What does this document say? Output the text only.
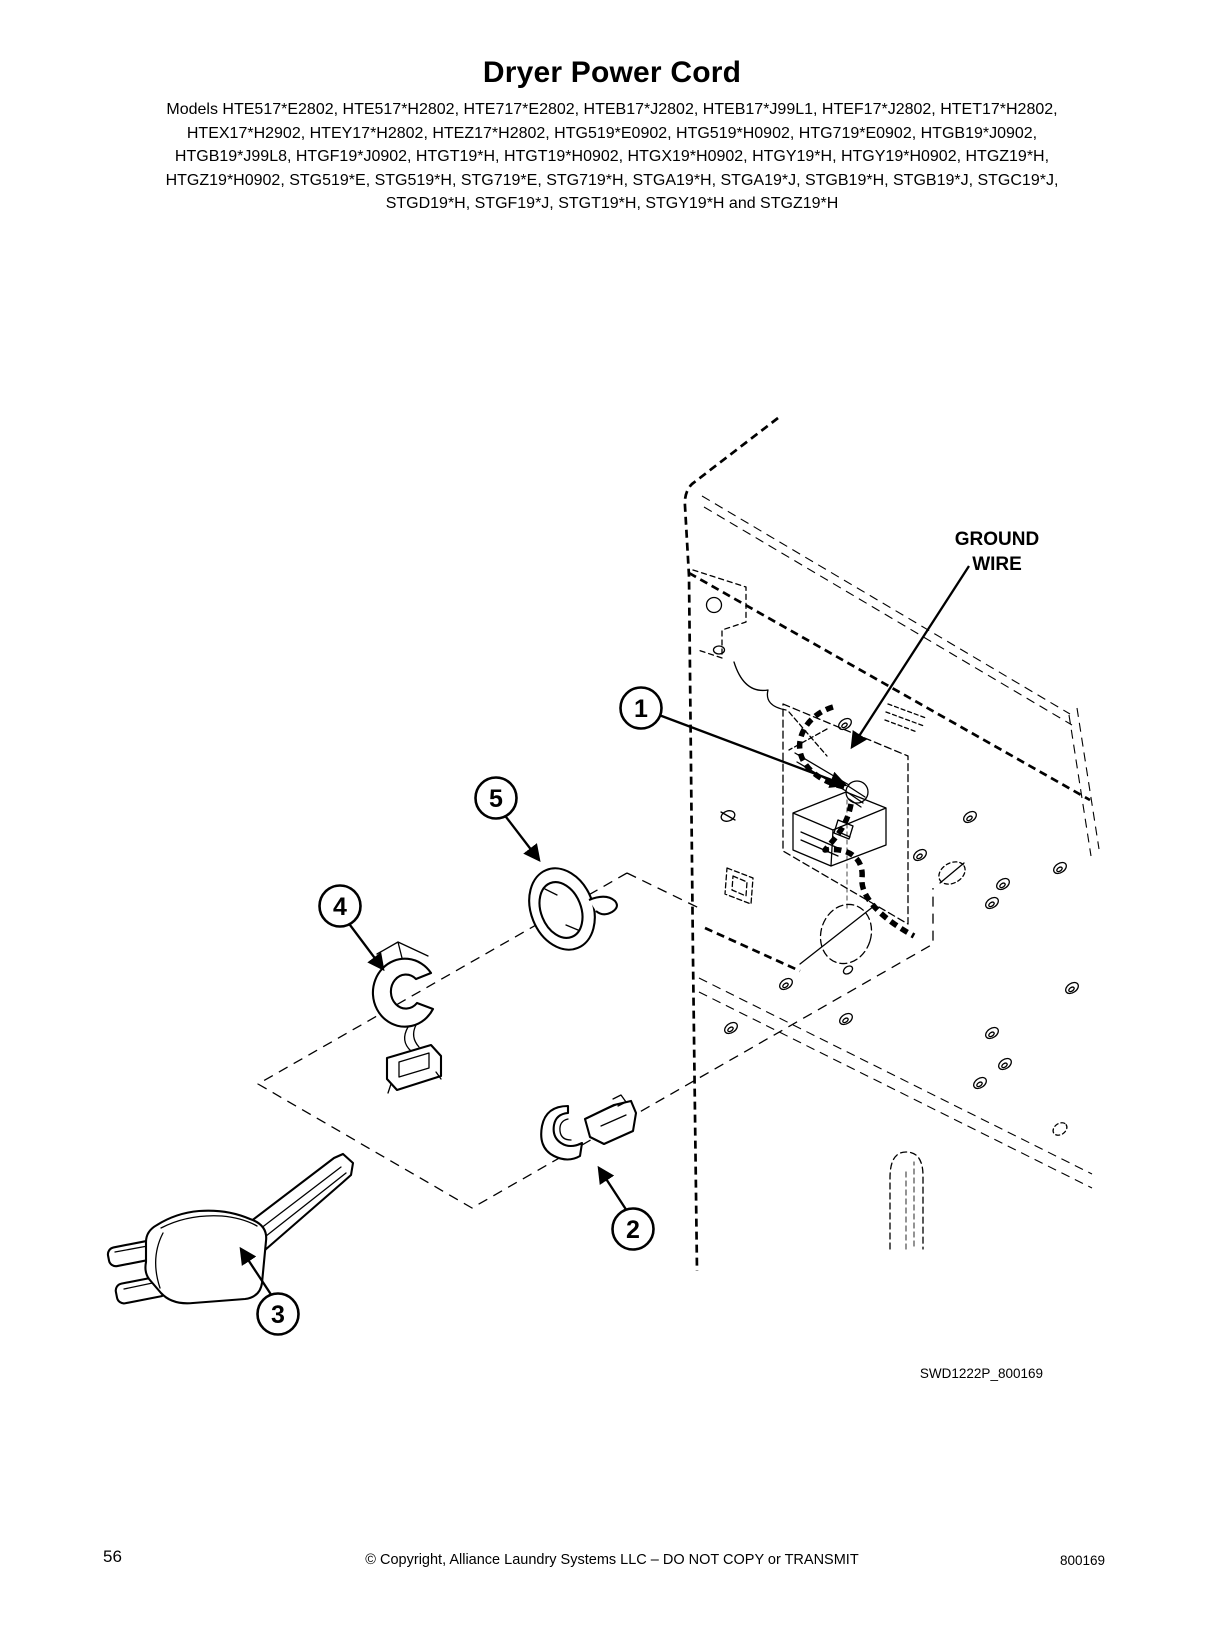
Dryer Power Cord
Models HTE517*E2802, HTE517*H2802, HTE717*E2802, HTEB17*J2802, HTEB17*J99L1, HTEF17*J2802, HTET17*H2802,
HTEX17*H2902, HTEY17*H2802, HTEZ17*H2802, HTG519*E0902, HTG519*H0902, HTG719*E0902, HTGB19*J0902,
HTGB19*J99L8, HTGF19*J0902, HTGT19*H, HTGT19*H0902, HTGX19*H0902, HTGY19*H, HTGY19*H0902, HTGZ19*H,
HTGZ19*H0902, STG519*E, STG519*H, STG719*E, STG719*H, STGA19*H, STGA19*J, STGB19*H, STGB19*J, STGC19*J,
STGD19*H, STGF19*J, STGT19*H, STGY19*H and STGZ19*H
1
5
4
2
3
GROUND
WIRE
SWD1222P_800169
56	© Copyright, Alliance Laundry Systems LLC – DO NOT COPY or TRANSMIT	800169
